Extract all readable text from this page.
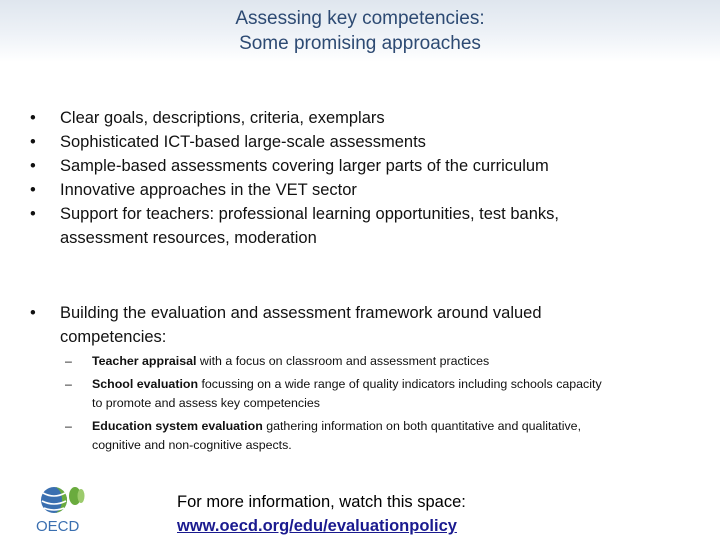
Assessing key competencies:
Some promising approaches
•	Clear goals, descriptions, criteria, exemplars
•	Sophisticated ICT-based large-scale assessments
•	Sample-based assessments covering larger parts of the curriculum
•	Innovative approaches in the VET sector
•	Support for teachers: professional learning opportunities, test banks,
assessment resources, moderation
•	Building the evaluation and assessment framework around valued
competencies:
– Teacher appraisal with a focus on classroom and assessment practices
– School evaluation focussing on a wide range of quality indicators including schools capacity
to promote and assess key competencies
– Education system evaluation gathering information on both quantitative and qualitative,
cognitive and non-cognitive aspects.
OECD
For more information, watch this space:
www.oecd.org/edu/evaluationpolicy
